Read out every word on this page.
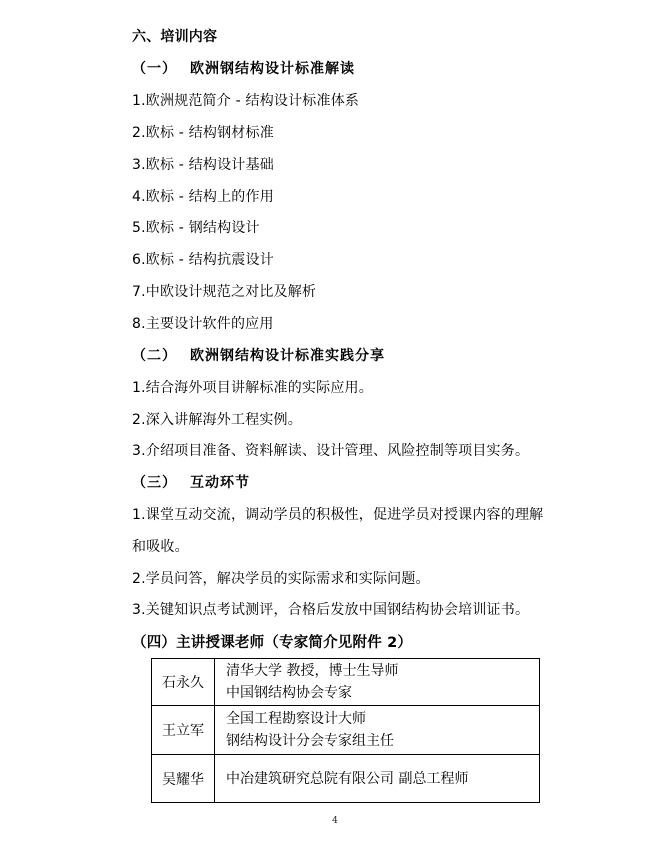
六、培训内容
（一） 欧洲钢结构设计标准解读
1.欧洲规范简介 - 结构设计标准体系
2.欧标 - 结构钢材标准
3.欧标 - 结构设计基础
4.欧标 - 结构上的作用
5.欧标 - 钢结构设计
6.欧标 - 结构抗震设计
7.中欧设计规范之对比及解析
8.主要设计软件的应用
（二） 欧洲钢结构设计标准实践分享
1.结合海外项目讲解标准的实际应用。
2.深入讲解海外工程实例。
3.介绍项目准备、资料解读、设计管理、风险控制等项目实务。
（三） 互动环节
1.课堂互动交流，调动学员的积极性，促进学员对授课内容的理解
和吸收。
2.学员问答，解决学员的实际需求和实际问题。
3.关键知识点考试测评，合格后发放中国钢结构协会培训证书。
（四）主讲授课老师（专家简介见附件 2）
石永久	清华大学 教授，博士生导师
中国钢结构协会专家

王立军	全国工程勘察设计大师
钢结构设计分会专家组主任

吴耀华	中冶建筑研究总院有限公司 副总工程师
4
